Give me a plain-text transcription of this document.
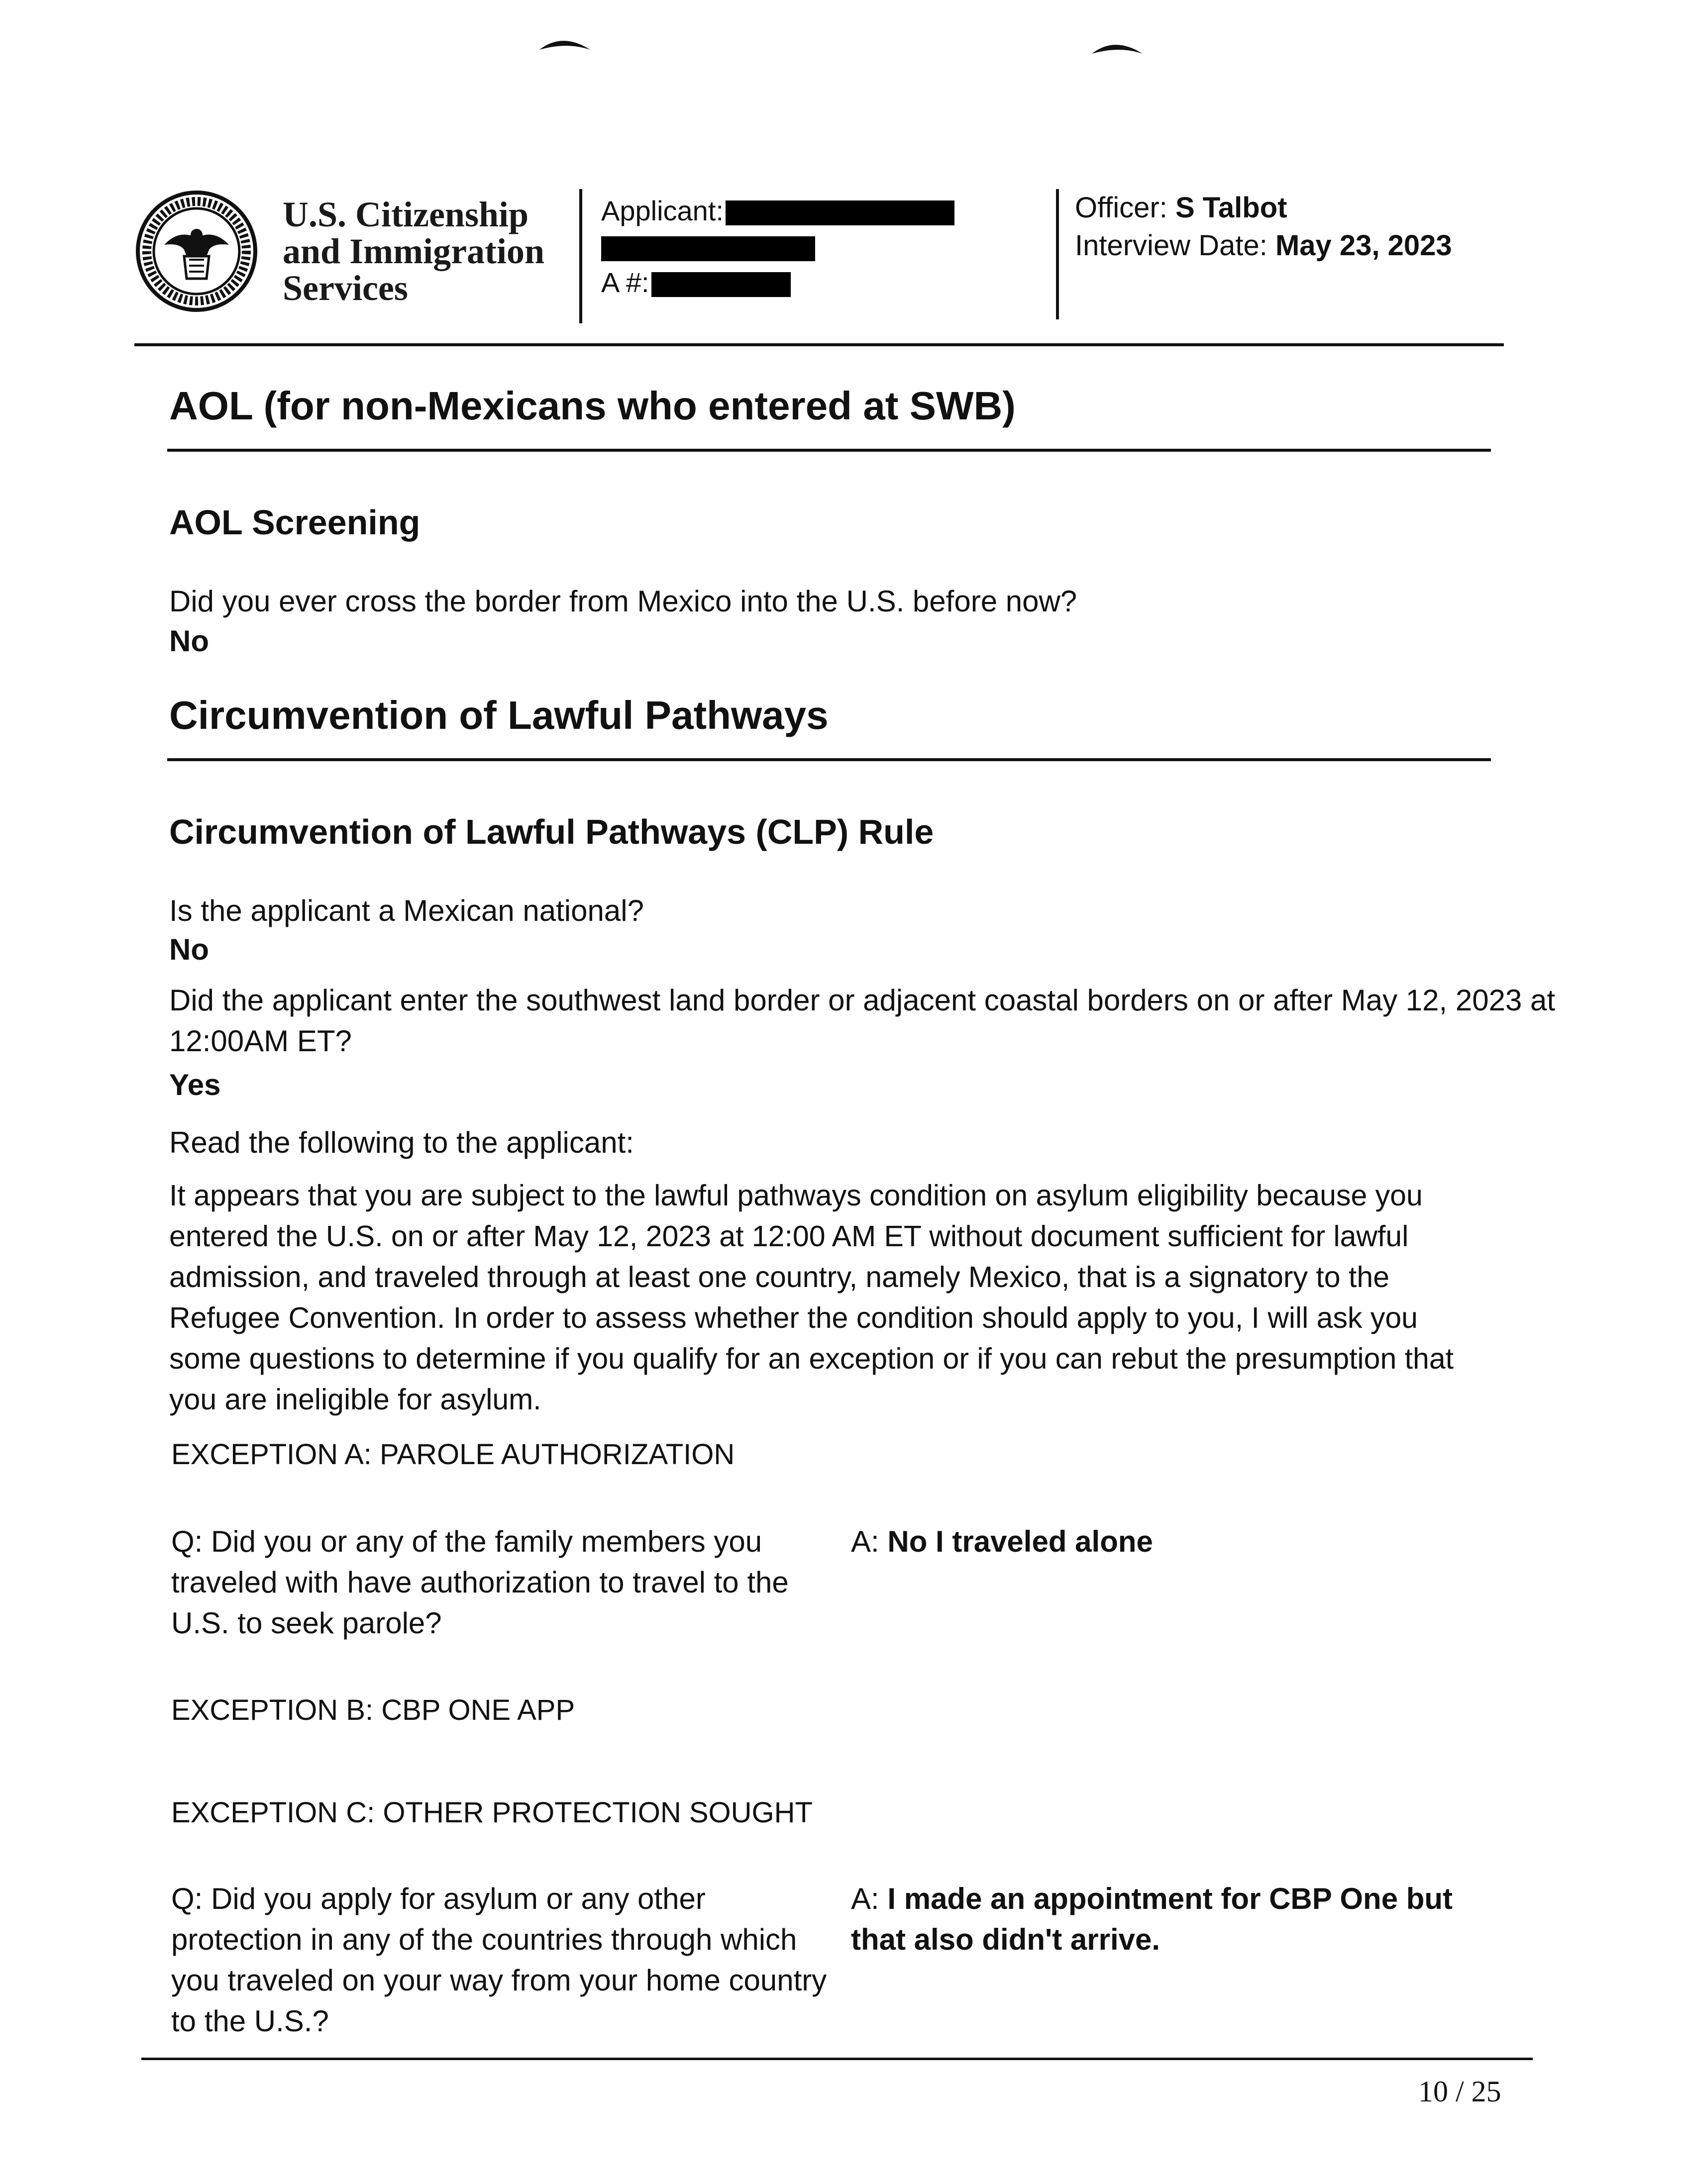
U.S. Citizenship
and Immigration
Services
Applicant:
A #:
Officer: S Talbot
Interview Date: May 23, 2023
AOL (for non-Mexicans who entered at SWB)
AOL Screening
Did you ever cross the border from Mexico into the U.S. before now?
No
Circumvention of Lawful Pathways
Circumvention of Lawful Pathways (CLP) Rule
Is the applicant a Mexican national?
No
Did the applicant enter the southwest land border or adjacent coastal borders on or after May 12, 2023 at
12:00AM ET?
Yes
Read the following to the applicant:
It appears that you are subject to the lawful pathways condition on asylum eligibility because you entered the U.S. on or after May 12, 2023 at 12:00 AM ET without document sufficient for lawful admission, and traveled through at least one country, namely Mexico, that is a signatory to the Refugee Convention. In order to assess whether the condition should apply to you, I will ask you some questions to determine if you qualify for an exception or if you can rebut the presumption that you are ineligible for asylum.
EXCEPTION A: PAROLE AUTHORIZATION
Q: Did you or any of the family members you traveled with have authorization to travel to the U.S. to seek parole?
A: No I traveled alone
EXCEPTION B: CBP ONE APP
EXCEPTION C: OTHER PROTECTION SOUGHT
Q: Did you apply for asylum or any other protection in any of the countries through which you traveled on your way from your home country to the U.S.?
A: I made an appointment for CBP One but that also didn't arrive.
10 / 25
